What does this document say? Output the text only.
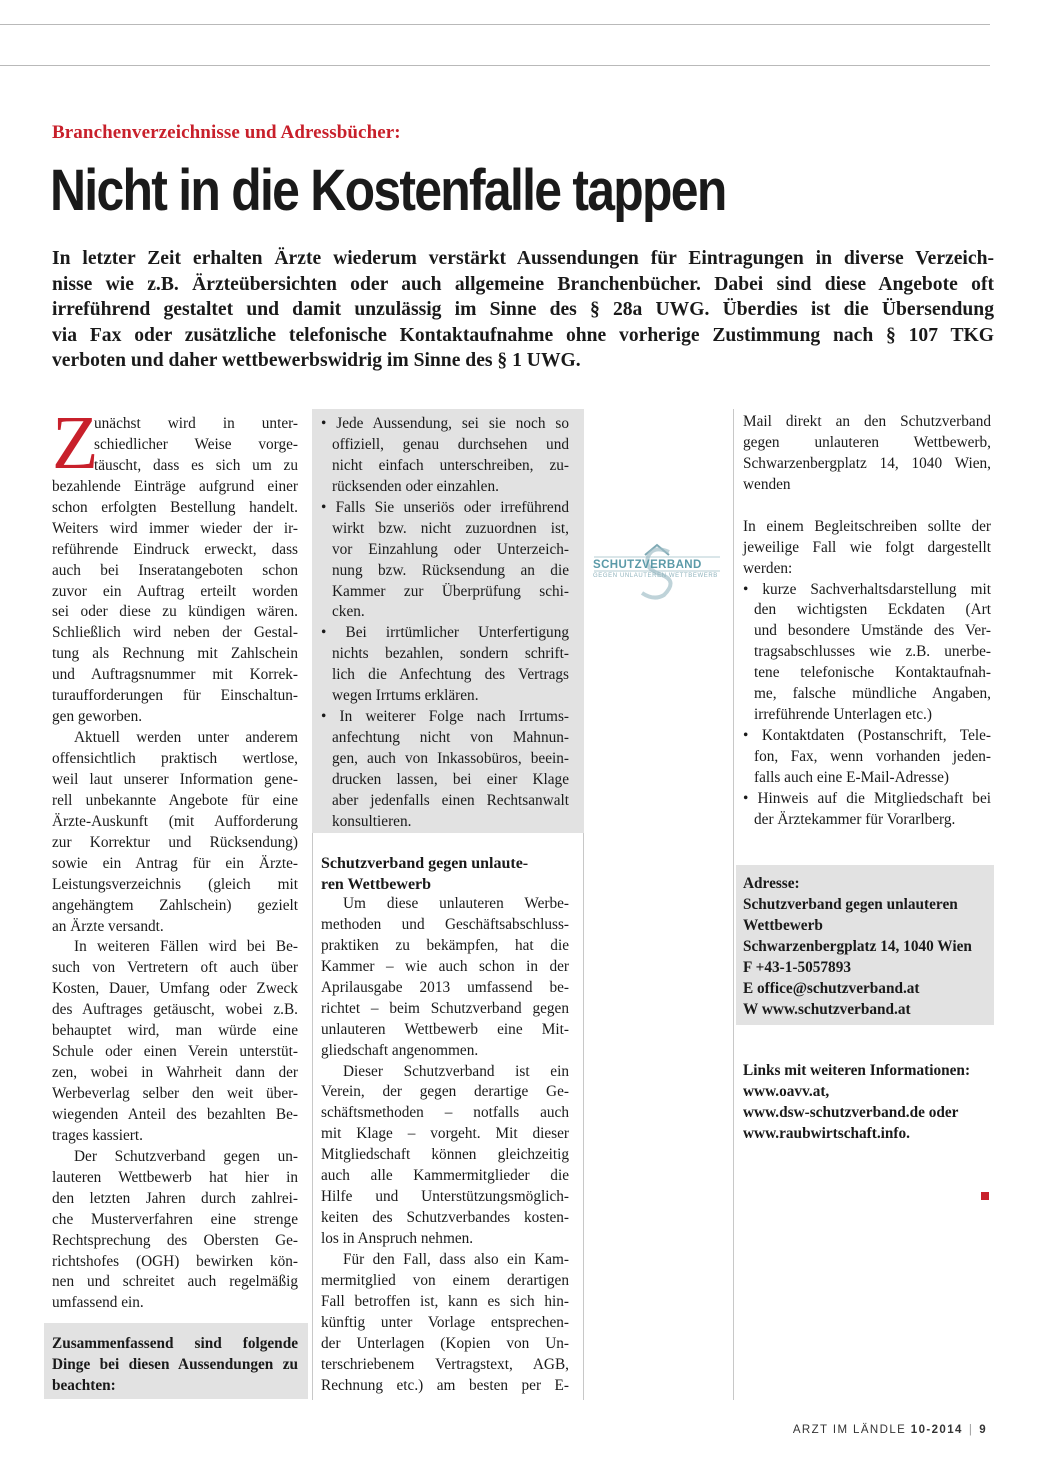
Branchenverzeichnisse und Adressbücher:
Nicht in die Kostenfalle tappen
In letzter Zeit erhalten Ärzte wiederum verstärkt Aussendungen für Eintragungen in diverse Verzeich-
nisse wie z.B. Ärzteübersichten oder auch allgemeine Branchenbücher. Dabei sind diese Angebote oft
irreführend gestaltet und damit unzulässig im Sinne des § 28a UWG. Überdies ist die Übersendung
via Fax oder zusätzliche telefonische Kontaktaufnahme ohne vorherige Zustimmung nach § 107 TKG
verboten und daher wettbewerbswidrig im Sinne des § 1 UWG.
Z
unächst wird in unter-
schiedlicher Weise vorge-
täuscht, dass es sich um zu
bezahlende Einträge aufgrund einer
schon erfolgten Bestellung handelt.
Weiters wird immer wieder der ir-
reführende Eindruck erweckt, dass
auch bei Inseratangeboten schon
zuvor ein Auftrag erteilt worden
sei oder diese zu kündigen wären.
Schließlich wird neben der Gestal-
tung als Rechnung mit Zahlschein
und Auftragsnummer mit Korrek-
turaufforderungen für Einschaltun-
gen geworben.
Aktuell werden unter anderem
offensichtlich praktisch wertlose,
weil laut unserer Information gene-
rell unbekannte Angebote für eine
Ärzte-Auskunft (mit Aufforderung
zur Korrektur und Rücksendung)
sowie ein Antrag für ein Ärzte-
Leistungsverzeichnis (gleich mit
angehängtem Zahlschein) gezielt
an Ärzte versandt.
In weiteren Fällen wird bei Be-
such von Vertretern oft auch über
Kosten, Dauer, Umfang oder Zweck
des Auftrages getäuscht, wobei z.B.
behauptet wird, man würde eine
Schule oder einen Verein unterstüt-
zen, wobei in Wahrheit dann der
Werbeverlag selber den weit über-
wiegenden Anteil des bezahlten Be-
trages kassiert.
Der Schutzverband gegen un-
lauteren Wettbewerb hat hier in
den letzten Jahren durch zahlrei-
che Musterverfahren eine strenge
Rechtsprechung des Obersten Ge-
richtshofes (OGH) bewirken kön-
nen und schreitet auch regelmäßig
umfassend ein.
Zusammenfassend sind folgende
Dinge bei diesen Aussendungen zu
beachten:
• Jede Aussendung, sei sie noch so
offiziell, genau durchsehen und
nicht einfach unterschreiben, zu-
rücksenden oder einzahlen.
• Falls Sie unseriös oder irreführend
wirkt bzw. nicht zuzuordnen ist,
vor Einzahlung oder Unterzeich-
nung bzw. Rücksendung an die
Kammer zur Überprüfung schi-
cken.
• Bei irrtümlicher Unterfertigung
nichts bezahlen, sondern schrift-
lich die Anfechtung des Vertrags
wegen Irrtums erklären.
• In weiterer Folge nach Irrtums-
anfechtung nicht von Mahnun-
gen, auch von Inkassobüros, beein-
drucken lassen, bei einer Klage
aber jedenfalls einen Rechtsanwalt
konsultieren.
Schutzverband gegen unlaute-
ren Wettbewerb
Um diese unlauteren Werbe-
methoden und Geschäftsabschluss-
praktiken zu bekämpfen, hat die
Kammer – wie auch schon in der
Aprilausgabe 2013 umfassend be-
richtet – beim Schutzverband gegen
unlauteren Wettbewerb eine Mit-
gliedschaft angenommen.
Dieser Schutzverband ist ein
Verein, der gegen derartige Ge-
schäftsmethoden – notfalls auch
mit Klage – vorgeht. Mit dieser
Mitgliedschaft können gleichzeitig
auch alle Kammermitglieder die
Hilfe und Unterstützungsmöglich-
keiten des Schutzverbandes kosten-
los in Anspruch nehmen.
Für den Fall, dass also ein Kam-
mermitglied von einem derartigen
Fall betroffen ist, kann es sich hin-
künftig unter Vorlage entsprechen-
der Unterlagen (Kopien von Un-
terschriebenem Vertragstext, AGB,
Rechnung etc.) am besten per E-
SCHUTZVERBAND
GEGEN UNLAUTEREN WETTBEWERB
Mail direkt an den Schutzverband
gegen unlauteren Wettbewerb,
Schwarzenbergplatz 14, 1040 Wien,
wenden
In einem Begleitschreiben sollte der
jeweilige Fall wie folgt dargestellt
werden:
• kurze Sachverhaltsdarstellung mit
den wichtigsten Eckdaten (Art
und besondere Umstände des Ver-
tragsabschlusses wie z.B. unerbe-
tene telefonische Kontaktaufnah-
me, falsche mündliche Angaben,
irreführende Unterlagen etc.)
• Kontaktdaten (Postanschrift, Tele-
fon, Fax, wenn vorhanden jeden-
falls auch eine E-Mail-Adresse)
• Hinweis auf die Mitgliedschaft bei
der Ärztekammer für Vorarlberg.
Adresse:
Schutzverband gegen unlauteren
Wettbewerb
Schwarzenbergplatz 14, 1040 Wien
F +43-1-5057893
E office@schutzverband.at
W www.schutzverband.at
Links mit weiteren Informationen:
www.oavv.at,
www.dsw-schutzverband.de oder
www.raubwirtschaft.info.
ARZT IM LÄNDLE 10-2014 | 9
